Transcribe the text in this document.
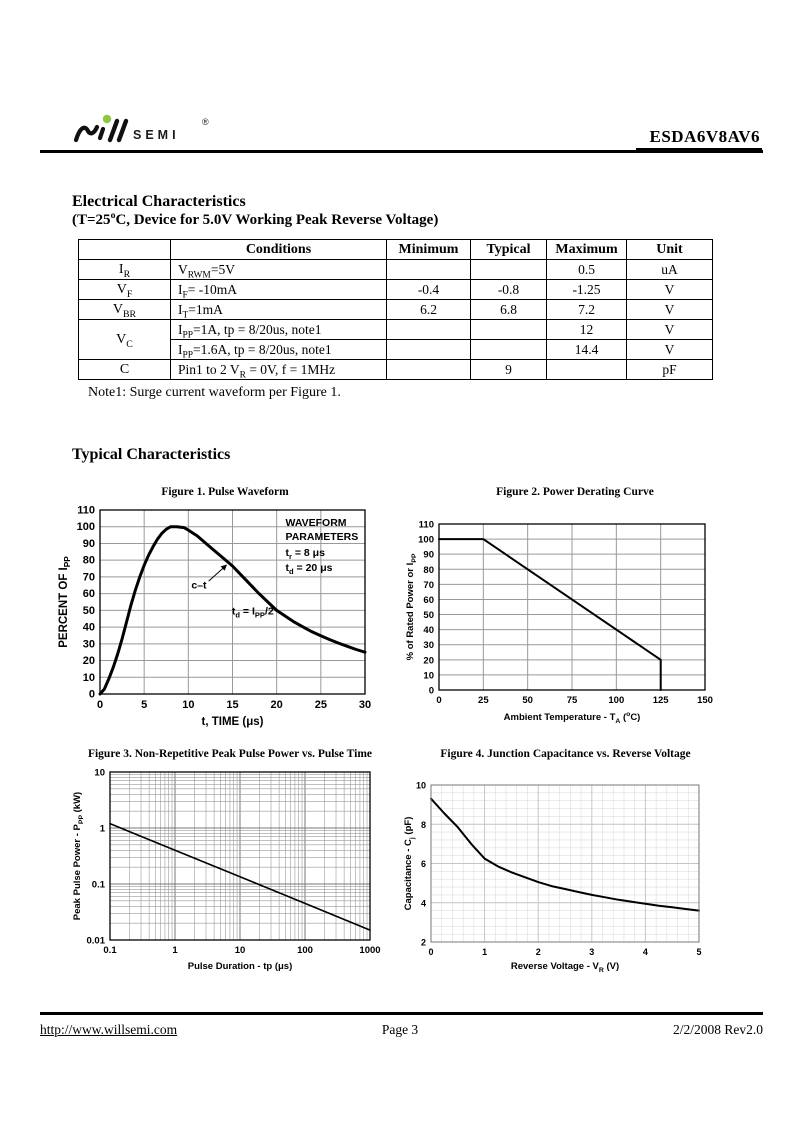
SEMI
®
ESDA6V8AV6
Electrical Characteristics
($T=25^oC$, Device for 5.0V Working Peak Reverse Voltage)
	Conditions	Minimum	Typical	Maximum	Unit
$I_R$	$V_{RWM}=5V$			0.5	uA
$V_F$	$I_F= -10mA$	-0.4	-0.8	-1.25	V
$V_{BR}$	$I_T=1mA$	6.2	6.8	7.2	V
$V_C$	$I_{PP}=1A$, tp = 8/20us, note1			12	V
	$I_{PP}=1.6A$, tp = 8/20us, note1			14.4	V
C	Pin1 to 2 $V_R = 0V$, f = 1MHz		9		pF
Note1: Surge current waveform per Figure 1.
Typical Characteristics
Figure 1. Pulse Waveform
0	5	10	15	20	25	30
0
10
20
30
40
50
60
70
80
90
100
110
t, TIME (μs)
PERCENT OF $I_{PP}$
WAVEFORM
PARAMETERS
$t_r = 8$ μs
$t_d = 20$ μs
c–t
$t_d = I_{PP}/2$
Figure 2. Power Derating Curve
0	25	50	75	100	125	150
0
10
20
30
40
50
60
70
80
90
100
110
Ambient Temperature - $T_A$ ($^o$C)
% of Rated Power or $I_{PP}$
Figure 3. Non-Repetitive Peak Pulse Power vs. Pulse Time
0.1	1	10	100	1000
0.01
0.1
1
10
Pulse Duration - tp (μs)
Peak Pulse Power - $P_{PP}$ (kW)
Figure 4. Junction Capacitance vs. Reverse Voltage
0	1	2	3	4	5
2
4
6
8
10
Reverse Voltage - $V_R$ (V)
Capacitance - $C_j$ (pF)
http://www.willsemi.com	Page 3	2/2/2008 Rev2.0
